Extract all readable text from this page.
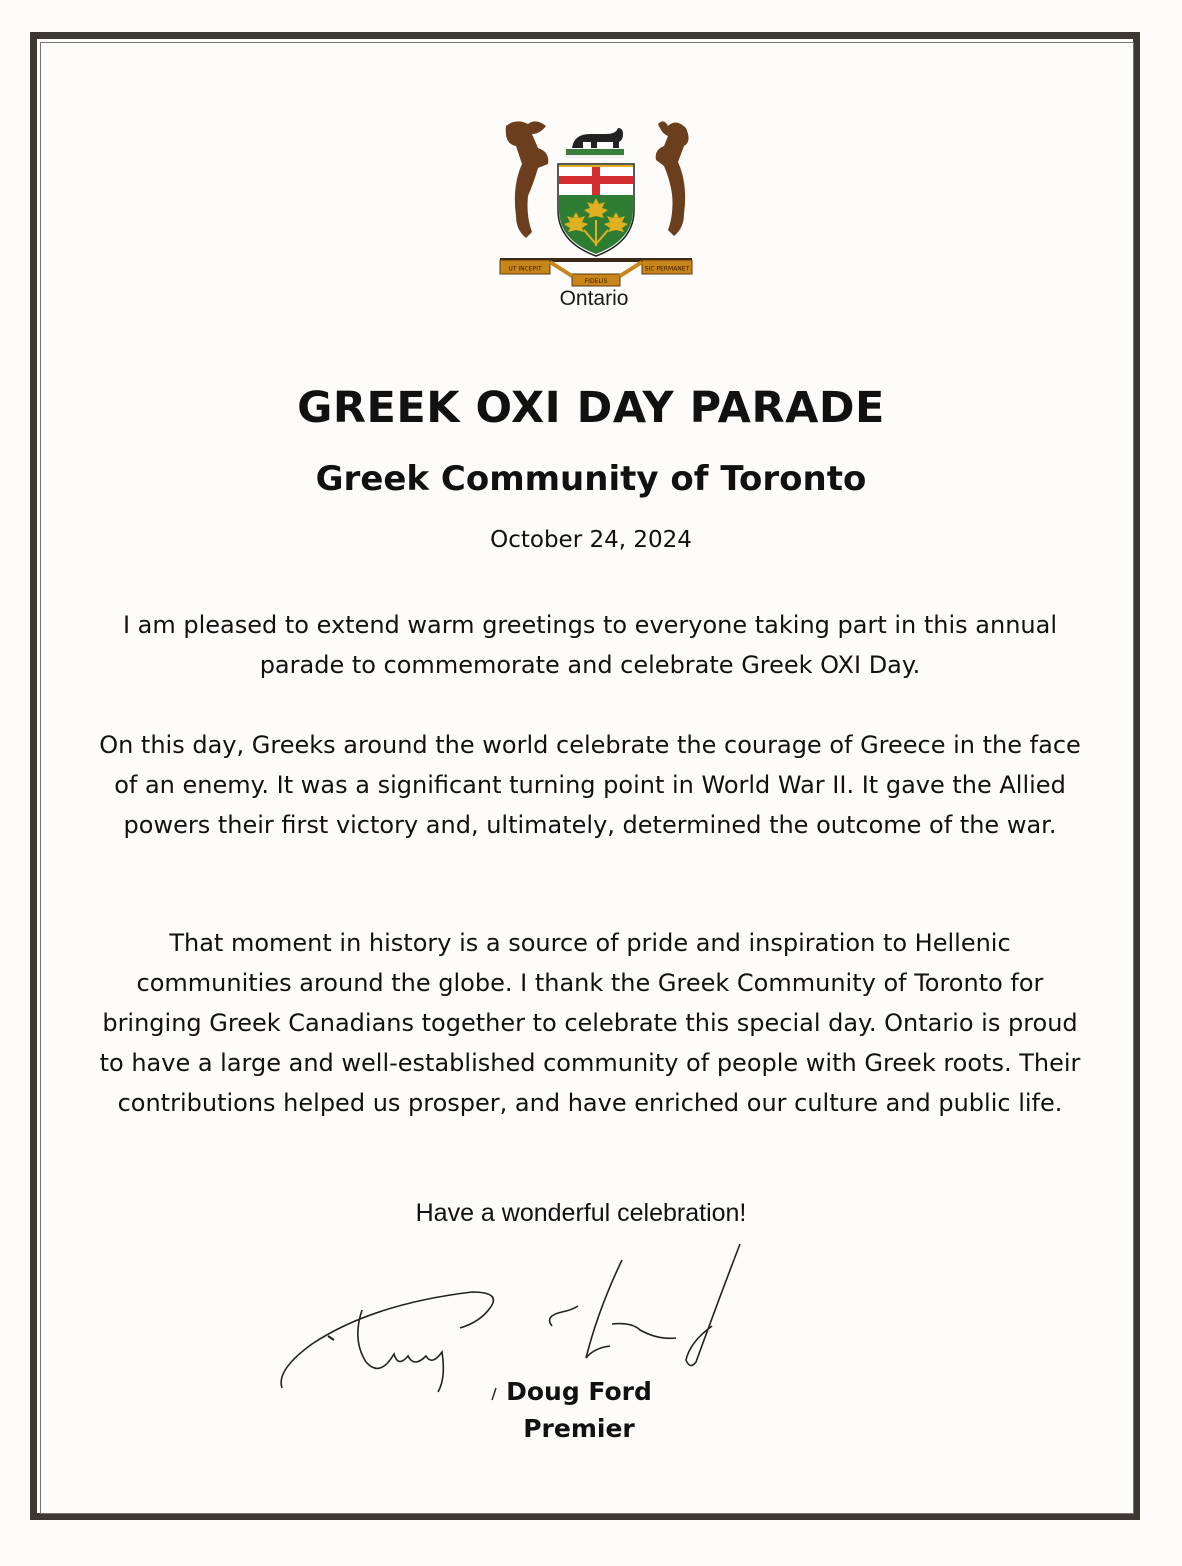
UT INCEPIT
FIDELIS
SIC PERMANET
Ontario
GREEK OXI DAY PARADE
Greek Community of Toronto

October 24, 2024

I am pleased to extend warm greetings to everyone taking part in this annual parade to commemorate and celebrate Greek OXI Day.

On this day, Greeks around the world celebrate the courage of Greece in the face of an enemy. It was a significant turning point in World War II. It gave the Allied powers their first victory and, ultimately, determined the outcome of the war.

That moment in history is a source of pride and inspiration to Hellenic communities around the globe. I thank the Greek Community of Toronto for bringing Greek Canadians together to celebrate this special day. Ontario is proud to have a large and well-established community of people with Greek roots. Their contributions helped us prosper, and have enriched our culture and public life.

Have a wonderful celebration!

Doug Ford

Premier
